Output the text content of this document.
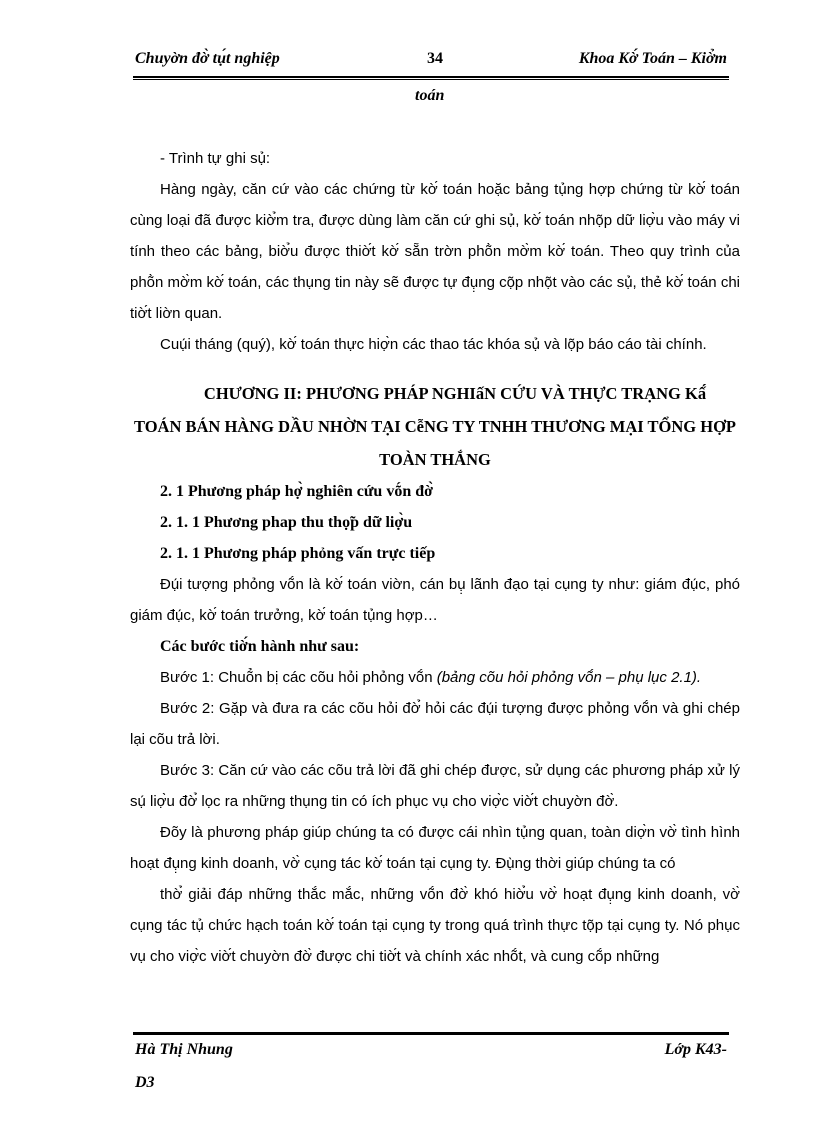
Chuyờn đờ̀ tụ́t nghiệp	34	Khoa Kờ́ Toán – Kiờ̉m
toán

- Trình tự ghi sụ̉:

Hàng ngày, căn cứ vào các chứng từ kờ́ toán hoặc bảng tụ̉ng hợp chứng từ kờ́ toán cùng loại đã được kiờ̉m tra, được dùng làm căn cứ ghi sụ̉, kờ́ toán nhọ̃p dữ liợ̀u vào máy vi tính theo các bảng, biờ̉u được thiờ́t kờ́ sẵn trờn phõ̀n mờ̀m kờ́ toán. Theo quy trình của phõ̀n mờ̀m kờ́ toán, các thụng tin này sẽ được tự đụ̣ng cọ̃p nhọ̃t vào các sụ̉, thẻ kờ́ toán chi tiờ́t liờn quan.

Cuụ́i tháng (quý), kờ́ toán thực hiợ̀n các thao tác khóa sụ̉ và lọ̃p báo cáo tài chính.

CHƯƠNG II: PHƯƠNG PHÁP NGHIấN CỨU VÀ THỰC TRẠNG Kấ́
TOÁN BÁN HÀNG DẦU NHỜN TẠI CễNG TY TNHH THƯƠNG MẠI TỔNG HỢP TOÀN THẮNG
2. 1 Phương pháp hợ̀ nghiên cứu vṍn đờ̀
2. 1. 1 Phương phap thu thọ̃p dữ liợ̀u
2. 1. 1 Phương pháp phỏng vấn trực tiếp

Đụ́i tượng phỏng vṍn là kờ́ toán viờn, cán bụ̣ lãnh đạo tại cụng ty như: giám đụ́c, phó giám đụ́c, kờ́ toán trưởng, kờ́ toán tụ̉ng hợp…

Các bước tiờ́n hành như sau:

Bước 1: Chuõ̉n bị các cõu hỏi phỏng vṍn (bảng cõu hỏi phỏng vṍn – phụ lục 2.1).

Bước 2: Gặp và đưa ra các cõu hỏi đờ̉ hỏi các đụ́i tượng được phỏng vṍn và ghi chép lại cõu trả lời.

Bước 3: Căn cứ vào các cõu trả lời đã ghi chép được, sử dụng các phương pháp xử lý sụ́ liợ̀u đờ̉ lọc ra những thụng tin có ích phục vụ cho viợ̀c viờ́t chuyờn đờ̀.

Đõy là phương pháp giúp chúng ta có được cái nhìn tụ̉ng quan, toàn diợ̀n vờ̀ tình hình hoạt đụ̣ng kinh doanh, vờ̀ cụng tác kờ́ toán tại cụng ty. Đụ̀ng thời giúp chúng ta có

thờ̉ giải đáp những thắc mắc, những vṍn đờ̀ khó hiờ̉u vờ̀ hoạt đụ̣ng kinh doanh, vờ̀ cụng tác tụ̉ chức hạch toán kờ́ toán tại cụng ty trong quá trình thực tọ̃p tại cụng ty. Nó phục vụ cho viợ̀c viờ́t chuyờn đờ̀ được chi tiờ́t và chính xác nhṍt, và cung cṍp những

Hà Thị Nhung	Lớp K43-
D3
